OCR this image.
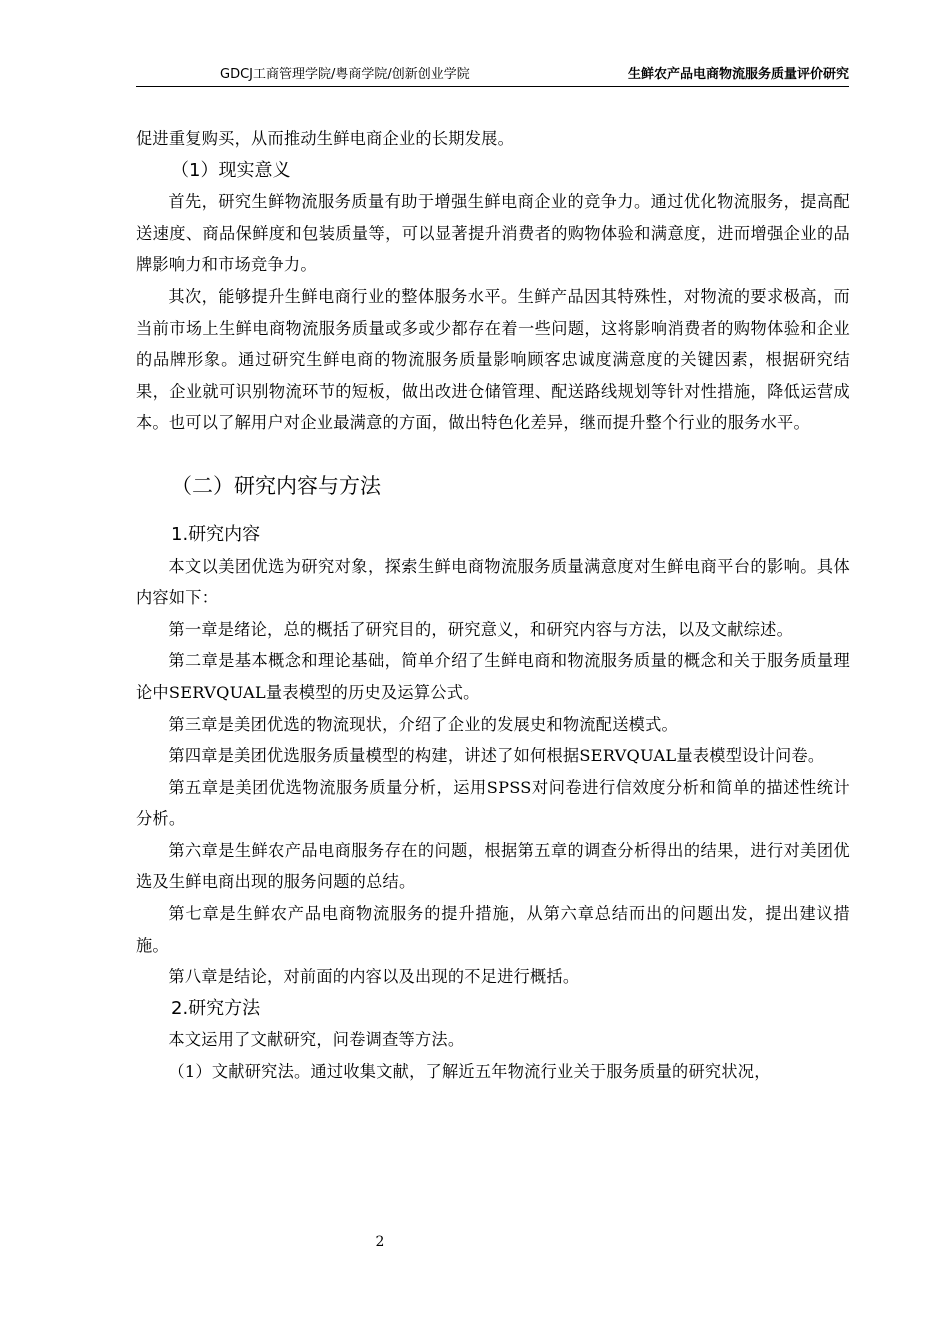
GDCJ工商管理学院/粤商学院/创新创业学院	生鲜农产品电商物流服务质量评价研究

促进重复购买，从而推动生鲜电商企业的长期发展。

（1）现实意义

首先，研究生鲜物流服务质量有助于增强生鲜电商企业的竞争力。通过优化物流服务，提高配送速度、商品保鲜度和包装质量等，可以显著提升消费者的购物体验和满意度，进而增强企业的品牌影响力和市场竞争力。

其次，能够提升生鲜电商行业的整体服务水平。生鲜产品因其特殊性，对物流的要求极高，而当前市场上生鲜电商物流服务质量或多或少都存在着一些问题，这将影响消费者的购物体验和企业的品牌形象。通过研究生鲜电商的物流服务质量影响顾客忠诚度满意度的关键因素，根据研究结果，企业就可识别物流环节的短板，做出改进仓储管理、配送路线规划等针对性措施，降低运营成本。也可以了解用户对企业最满意的方面，做出特色化差异，继而提升整个行业的服务水平。

（二）研究内容与方法
1.研究内容

本文以美团优选为研究对象，探索生鲜电商物流服务质量满意度对生鲜电商平台的影响。具体内容如下：

第一章是绪论，总的概括了研究目的，研究意义，和研究内容与方法，以及文献综述。

第二章是基本概念和理论基础，简单介绍了生鲜电商和物流服务质量的概念和关于服务质量理论中SERVQUAL量表模型的历史及运算公式。

第三章是美团优选的物流现状，介绍了企业的发展史和物流配送模式。

第四章是美团优选服务质量模型的构建，讲述了如何根据SERVQUAL量表模型设计问卷。

第五章是美团优选物流服务质量分析，运用SPSS对问卷进行信效度分析和简单的描述性统计分析。

第六章是生鲜农产品电商服务存在的问题，根据第五章的调查分析得出的结果，进行对美团优选及生鲜电商出现的服务问题的总结。

第七章是生鲜农产品电商物流服务的提升措施，从第六章总结而出的问题出发，提出建议措施。

第八章是结论，对前面的内容以及出现的不足进行概括。

2.研究方法

本文运用了文献研究，问卷调查等方法。

（1）文献研究法。通过收集文献，了解近五年物流行业关于服务质量的研究状况，

2
